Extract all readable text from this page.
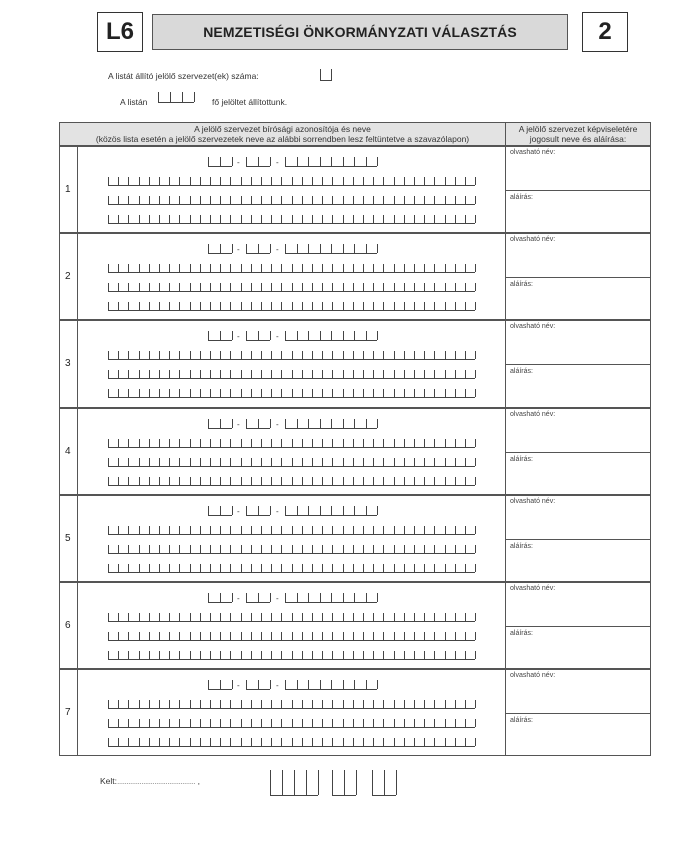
L6	NEMZETISÉGI ÖNKORMÁNYZATI VÁLASZTÁS	2
A listát állító jelölő szervezet(ek) száma:
A listán	fő jelöltet állítottunk.
A jelölő szervezet bírósági azonosítója és neve
(közös lista esetén a jelölő szervezetek neve az alábbi sorrendben lesz feltüntetve a szavazólapon)
A jelölő szervezet képviseletére
jogosult neve és aláírása:
1
-	-
olvasható név:
aláírás:
2
-	-
olvasható név:
aláírás:
3
-	-
olvasható név:
aláírás:
4
-	-
olvasható név:
aláírás:
5
-	-
olvasható név:
aláírás:
6
-	-
olvasható név:
aláírás:
7
-	-
olvasható név:
aláírás:
Kelt:.......................................... ,
